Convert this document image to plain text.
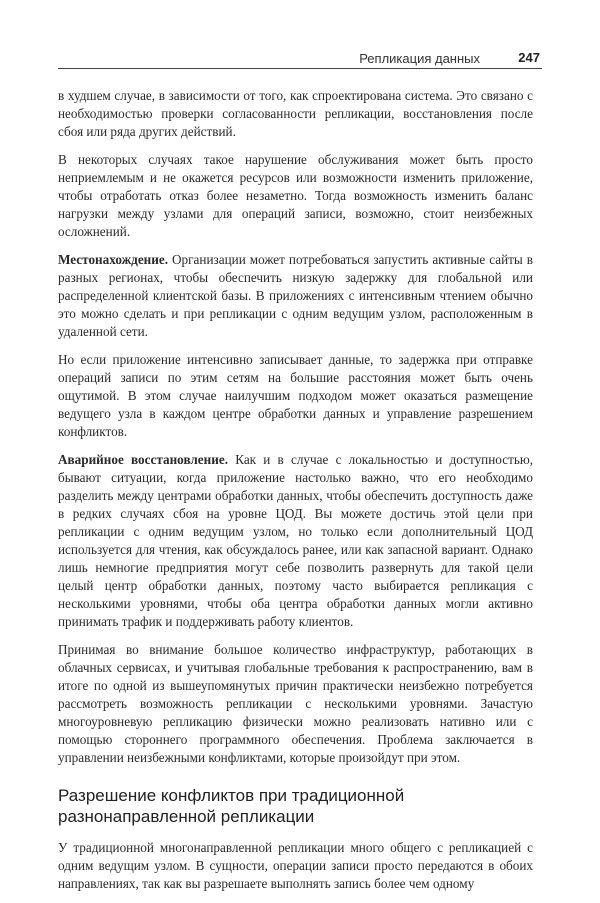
Репликация данных	247

в худшем случае, в зависимости от того, как спроектирована система. Это связано с необходимостью проверки согласованности репликации, восстановления после сбоя или ряда других действий.

В некоторых случаях такое нарушение обслуживания может быть просто неприемлемым и не окажется ресурсов или возможности изменить приложение, чтобы отработать отказ более незаметно. Тогда возможность изменить баланс нагрузки между узлами для операций записи, возможно, стоит неизбежных осложнений.

Местонахождение. Организации может потребоваться запустить активные сайты в разных регионах, чтобы обеспечить низкую задержку для глобальной или распределенной клиентской базы. В приложениях с интенсивным чтением обычно это можно сделать и при репликации с одним ведущим узлом, расположенным в удаленной сети.

Но если приложение интенсивно записывает данные, то задержка при отправке операций записи по этим сетям на большие расстояния может быть очень ощутимой. В этом случае наилучшим подходом может оказаться размещение ведущего узла в каждом центре обработки данных и управление разрешением конфликтов.

Аварийное восстановление. Как и в случае с локальностью и доступностью, бывают ситуации, когда приложение настолько важно, что его необходимо разделить между центрами обработки данных, чтобы обеспечить доступность даже в редких случаях сбоя на уровне ЦОД. Вы можете достичь этой цели при репликации с одним ведущим узлом, но только если дополнительный ЦОД используется для чтения, как обсуждалось ранее, или как запасной вариант. Однако лишь немногие предприятия могут себе позволить развернуть для такой цели целый центр обработки данных, поэтому часто выбирается репликация с несколькими уровнями, чтобы оба центра обработки данных могли активно принимать трафик и поддерживать работу клиентов.

Принимая во внимание большое количество инфраструктур, работающих в облачных сервисах, и учитывая глобальные требования к распространению, вам в итоге по одной из вышеупомянутых причин практически неизбежно потребуется рассмотреть возможность репликации с несколькими уровнями. Зачастую многоуровневую репликацию физически можно реализовать нативно или с помощью стороннего программного обеспечения. Проблема заключается в управлении неизбежными конфликтами, которые произойдут при этом.

Разрешение конфликтов при традиционной разнонаправленной репликации

У традиционной многонаправленной репликации много общего с репликацией с одним ведущим узлом. В сущности, операции записи просто передаются в обоих направлениях, так как вы разрешаете выполнять запись более чем одному
